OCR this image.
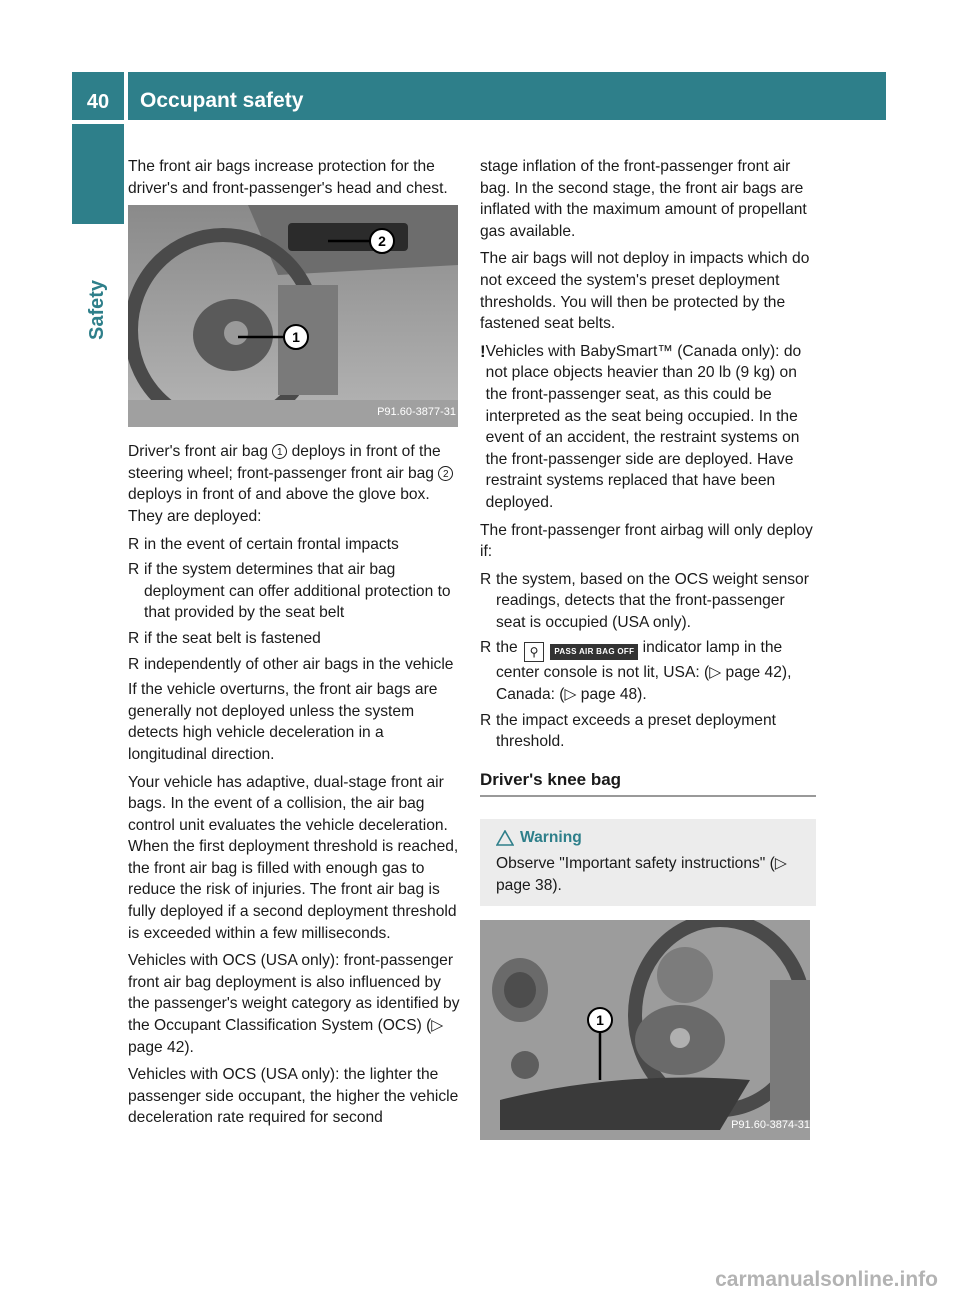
40	Occupant safety
Safety

The front air bags increase protection for the driver's and front-passenger's head and chest.

2
1
P91.60-3877-31

Driver's front air bag 1 deploys in front of the steering wheel; front-passenger front air bag 2 deploys in front of and above the glove box. They are deployed:

R in the event of certain frontal impacts
R if the system determines that air bag deployment can offer additional protection to that provided by the seat belt
R if the seat belt is fastened
R independently of other air bags in the vehicle

If the vehicle overturns, the front air bags are generally not deployed unless the system detects high vehicle deceleration in a longitudinal direction.

Your vehicle has adaptive, dual-stage front air bags. In the event of a collision, the air bag control unit evaluates the vehicle deceleration. When the first deployment threshold is reached, the front air bag is filled with enough gas to reduce the risk of injuries. The front air bag is fully deployed if a second deployment threshold is exceeded within a few milliseconds.

Vehicles with OCS (USA only): front-passenger front air bag deployment is also influenced by the passenger's weight category as identified by the Occupant Classification System (OCS) (▷ page 42).

Vehicles with OCS (USA only): the lighter the passenger side occupant, the higher the vehicle deceleration rate required for second

stage inflation of the front-passenger front air bag. In the second stage, the front air bags are inflated with the maximum amount of propellant gas available.

The air bags will not deploy in impacts which do not exceed the system's preset deployment thresholds. You will then be protected by the fastened seat belts.

! Vehicles with BabySmart™ (Canada only): do not place objects heavier than 20 lb (9 kg) on the front-passenger seat, as this could be interpreted as the seat being occupied. In the event of an accident, the restraint systems on the front-passenger side are deployed. Have restraint systems replaced that have been deployed.

The front-passenger front airbag will only deploy if:

R the system, based on the OCS weight sensor readings, detects that the front-passenger seat is occupied (USA only).
R the ⚲ PASS AIR BAG OFF indicator lamp in the center console is not lit, USA: (▷ page 42), Canada: (▷ page 48).
R the impact exceeds a preset deployment threshold.
Driver's knee bag
Warning
Observe "Important safety instructions" (▷ page 38).
1
P91.60-3874-31
carmanualsonline.info
